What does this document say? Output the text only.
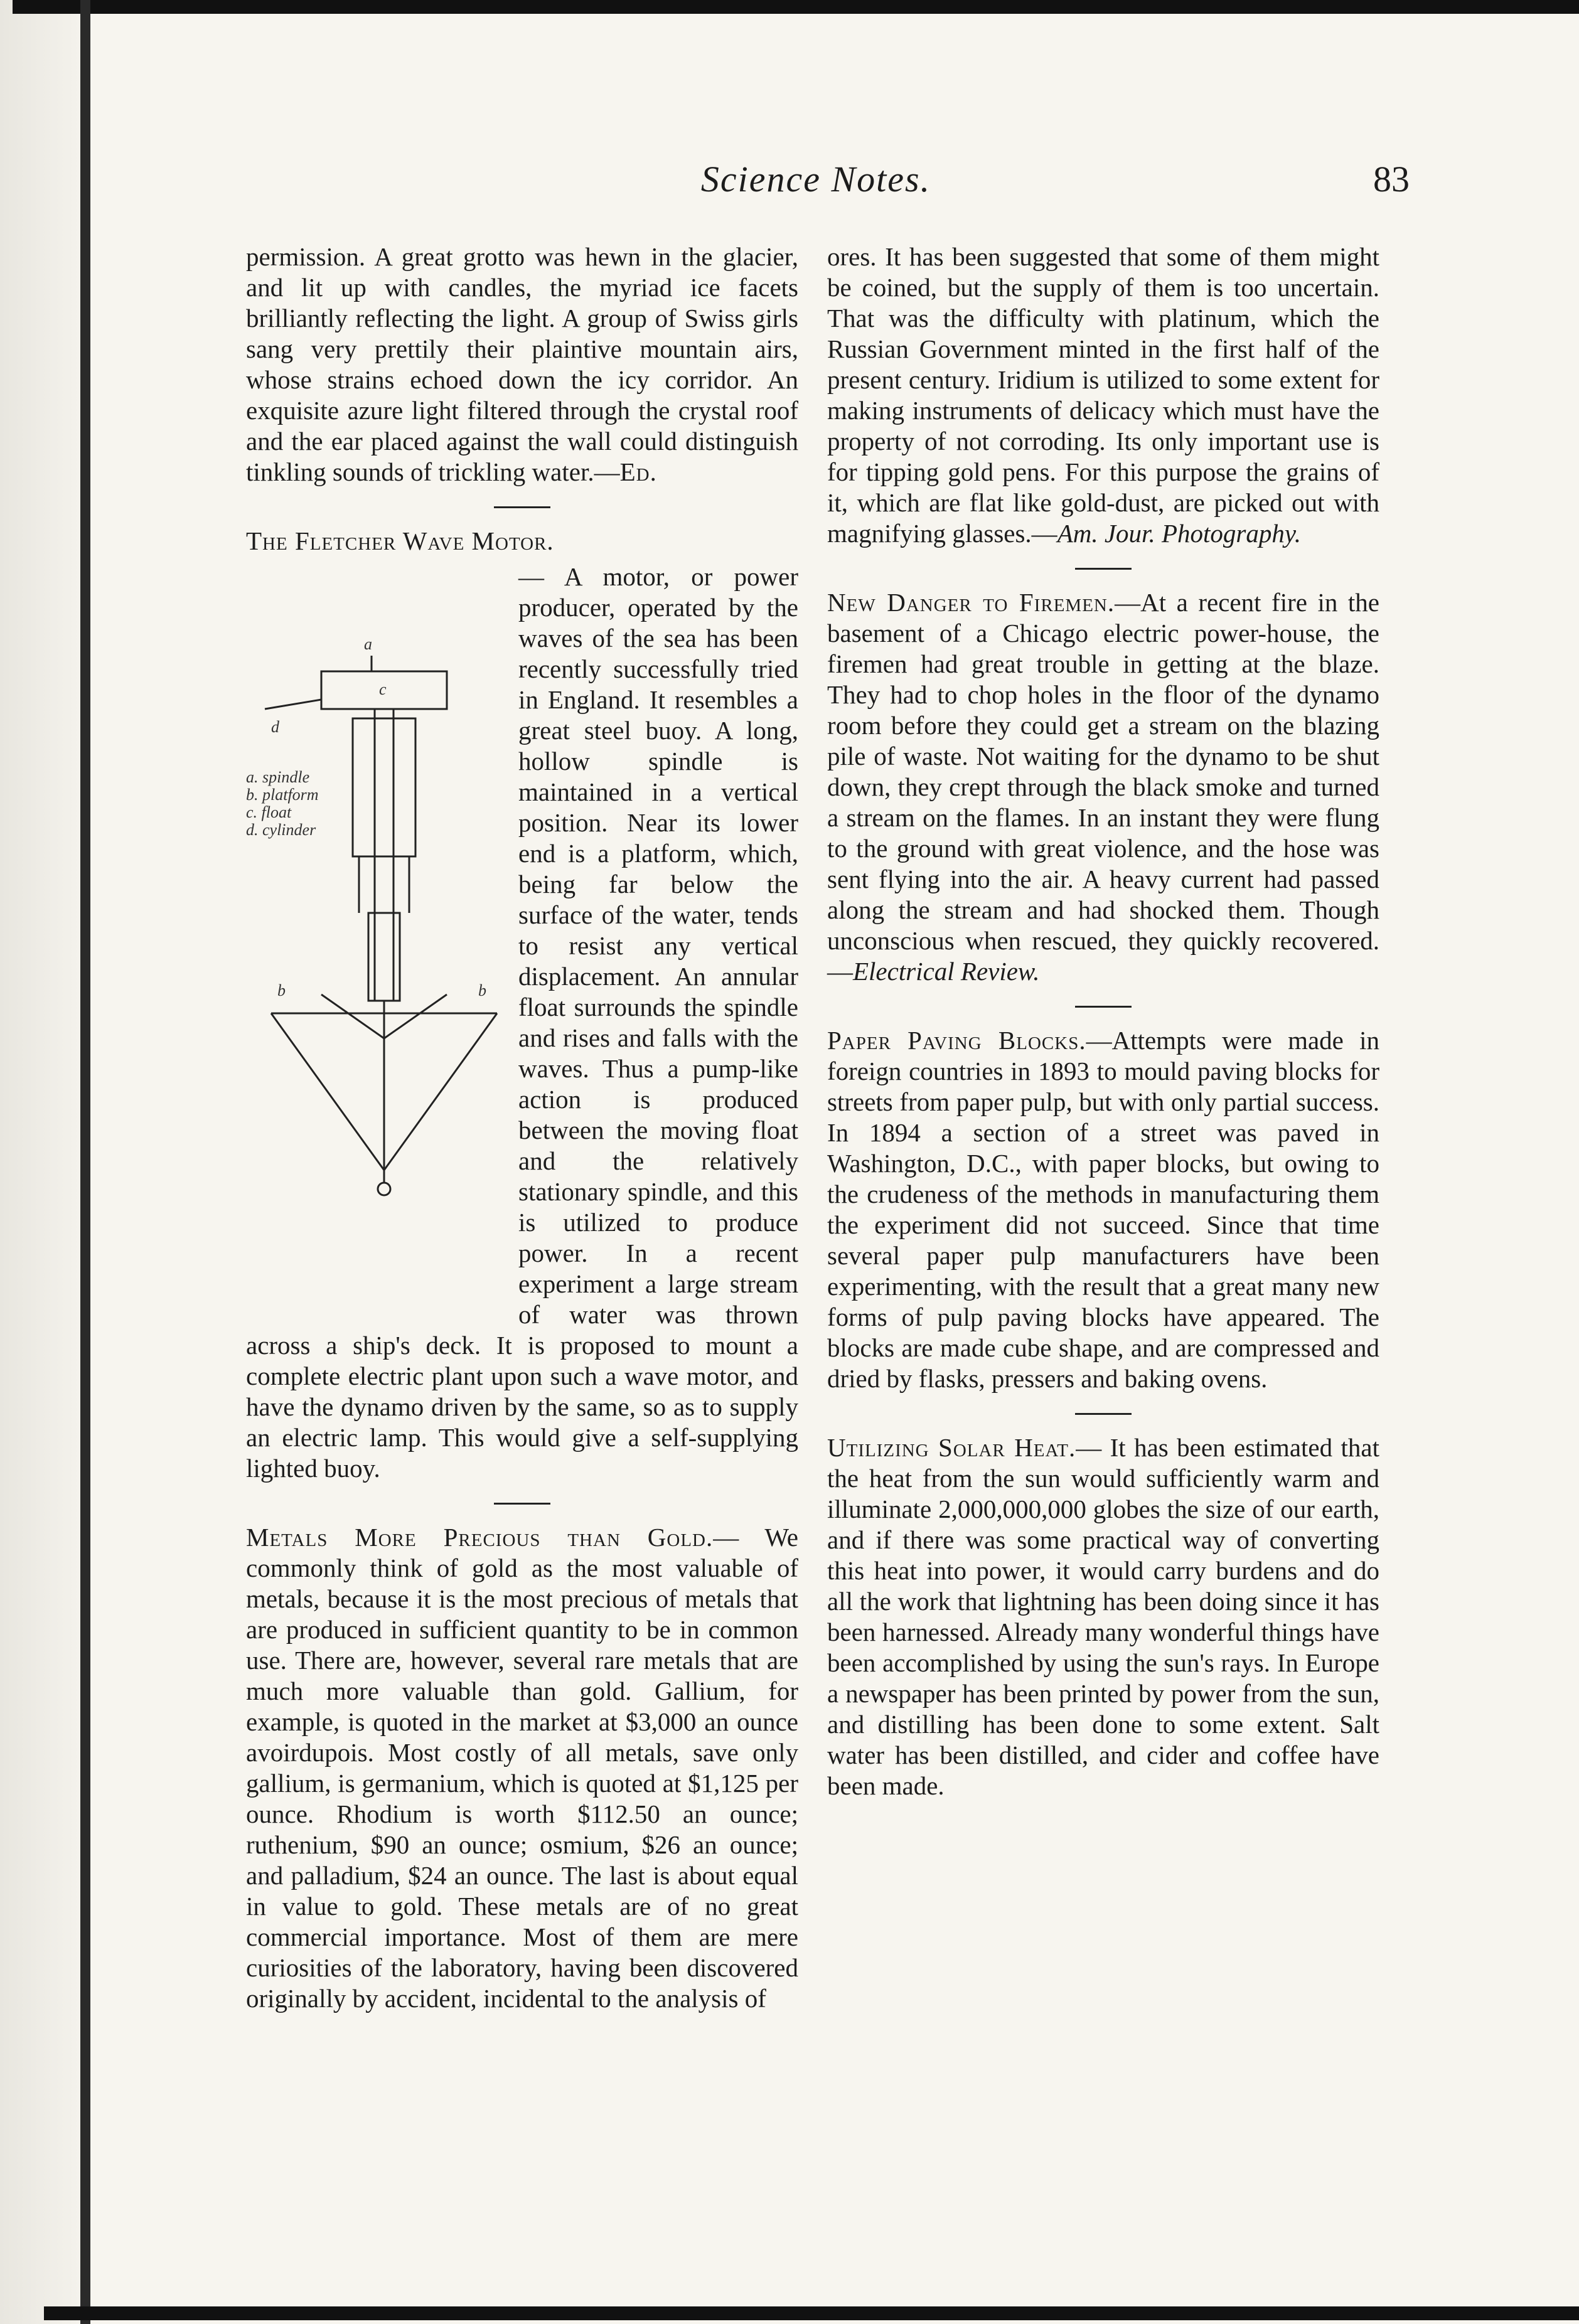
Science Notes.	83

permission. A great grotto was hewn in the glacier, and lit up with candles, the myriad ice facets brilliantly reflecting the light. A group of Swiss girls sang very prettily their plaintive mountain airs, whose strains echoed down the icy corridor. An exquisite azure light filtered through the crystal roof and the ear placed against the wall could distinguish tinkling sounds of trickling water.—Ed.

The Fletcher Wave Motor.

a
c
d
a. spindle
b. platform
c. float
d. cylinder
b	b

— A motor, or power producer, operated by the waves of the sea has been recently successfully tried in England. It resembles a great steel buoy. A long, hollow spindle is maintained in a vertical position. Near its lower end is a platform, which, being far below the surface of the water, tends to resist any vertical displacement. An annular float surrounds the spindle and rises and falls with the waves. Thus a pump-like action is produced between the moving float and the relatively stationary spindle, and this is utilized to produce power. In a recent experiment a large stream of water was thrown across a ship's deck. It is proposed to mount a complete electric plant upon such a wave motor, and have the dynamo driven by the same, so as to supply an electric lamp. This would give a self-supplying lighted buoy.

Metals More Precious than Gold.— We commonly think of gold as the most valuable of metals, because it is the most precious of metals that are produced in sufficient quantity to be in common use. There are, however, several rare metals that are much more valuable than gold. Gallium, for example, is quoted in the market at $3,000 an ounce avoirdupois. Most costly of all metals, save only gallium, is germanium, which is quoted at $1,125 per ounce. Rhodium is worth $112.50 an ounce; ruthenium, $90 an ounce; osmium, $26 an ounce; and palladium, $24 an ounce. The last is about equal in value to gold. These metals are of no great commercial importance. Most of them are mere curiosities of the laboratory, having been discovered originally by accident, incidental to the analysis of

ores. It has been suggested that some of them might be coined, but the supply of them is too uncertain. That was the difficulty with platinum, which the Russian Government minted in the first half of the present century. Iridium is utilized to some extent for making instruments of delicacy which must have the property of not corroding. Its only important use is for tipping gold pens. For this purpose the grains of it, which are flat like gold-dust, are picked out with magnifying glasses.—Am. Jour. Photography.

New Danger to Firemen.—At a recent fire in the basement of a Chicago electric power-house, the firemen had great trouble in getting at the blaze. They had to chop holes in the floor of the dynamo room before they could get a stream on the blazing pile of waste. Not waiting for the dynamo to be shut down, they crept through the black smoke and turned a stream on the flames. In an instant they were flung to the ground with great violence, and the hose was sent flying into the air. A heavy current had passed along the stream and had shocked them. Though unconscious when rescued, they quickly recovered. —Electrical Review.

Paper Paving Blocks.—Attempts were made in foreign countries in 1893 to mould paving blocks for streets from paper pulp, but with only partial success. In 1894 a section of a street was paved in Washington, D.C., with paper blocks, but owing to the crudeness of the methods in manufacturing them the experiment did not succeed. Since that time several paper pulp manufacturers have been experimenting, with the result that a great many new forms of pulp paving blocks have appeared. The blocks are made cube shape, and are compressed and dried by flasks, pressers and baking ovens.

Utilizing Solar Heat.— It has been estimated that the heat from the sun would sufficiently warm and illuminate 2,000,000,000 globes the size of our earth, and if there was some practical way of converting this heat into power, it would carry burdens and do all the work that lightning has been doing since it has been harnessed. Already many wonderful things have been accomplished by using the sun's rays. In Europe a newspaper has been printed by power from the sun, and distilling has been done to some extent. Salt water has been distilled, and cider and coffee have been made.
